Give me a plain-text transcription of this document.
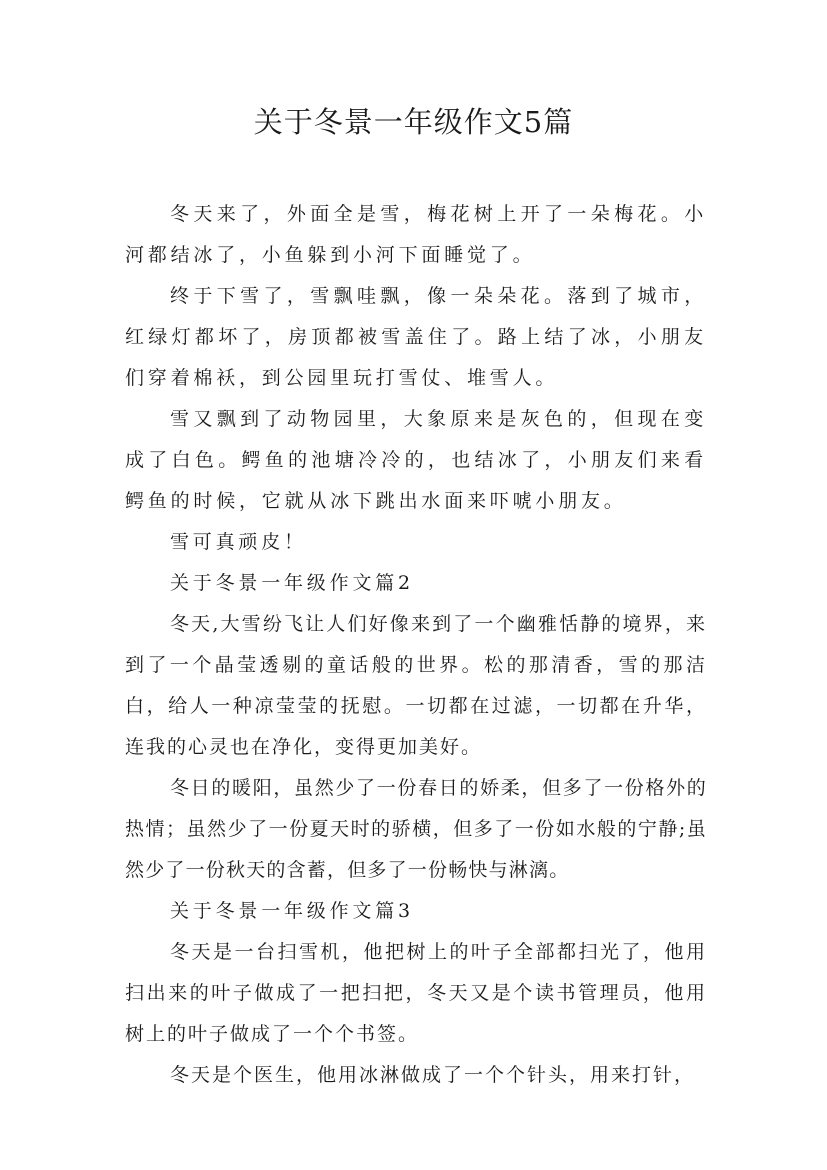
关于冬景一年级作文5篇

冬天来了，外面全是雪，梅花树上开了一朵梅花。小河都结冰了，小鱼躲到小河下面睡觉了。

终于下雪了，雪飘哇飘，像一朵朵花。落到了城市，红绿灯都坏了，房顶都被雪盖住了。路上结了冰，小朋友们穿着棉袄，到公园里玩打雪仗、堆雪人。

雪又飘到了动物园里，大象原来是灰色的，但现在变成了白色。鳄鱼的池塘冷冷的，也结冰了，小朋友们来看鳄鱼的时候，它就从冰下跳出水面来吓唬小朋友。

雪可真顽皮！

关于冬景一年级作文篇2

冬天,大雪纷飞让人们好像来到了一个幽雅恬静的境界，来到了一个晶莹透剔的童话般的世界。松的那清香，雪的那洁白，给人一种凉莹莹的抚慰。一切都在过滤，一切都在升华，连我的心灵也在净化，变得更加美好。

冬日的暖阳，虽然少了一份春日的娇柔，但多了一份格外的热情；虽然少了一份夏天时的骄横，但多了一份如水般的宁静;虽然少了一份秋天的含蓄，但多了一份畅快与淋漓。

关于冬景一年级作文篇3

冬天是一台扫雪机，他把树上的叶子全部都扫光了，他用扫出来的叶子做成了一把扫把，冬天又是个读书管理员，他用树上的叶子做成了一个个书签。

冬天是个医生，他用冰淋做成了一个个针头，用来打针，
